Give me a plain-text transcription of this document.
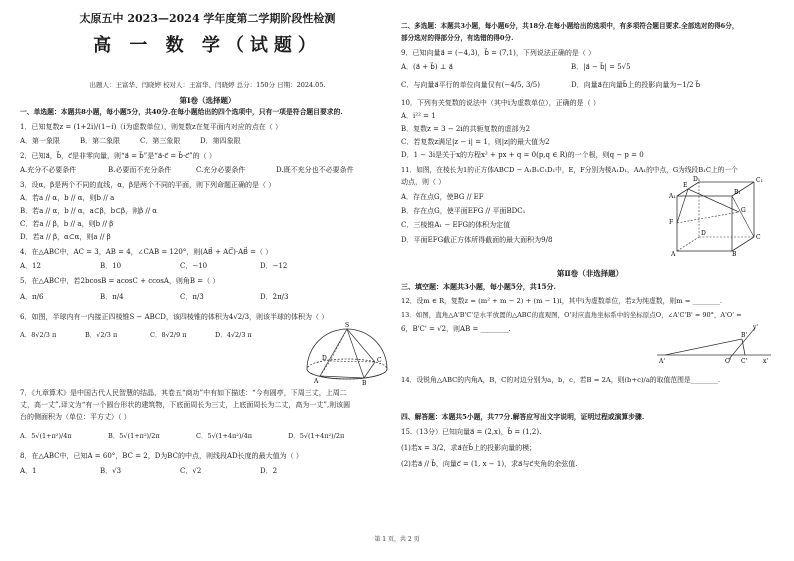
太原五中 2023—2024 学年度第二学期阶段性检测
高 一 数 学（试题）
出题人：王富华、闫晓婷 校对人：王富华、闫晓婷 总分：150分 日期：2024.05.
第Ⅰ卷（选择题）
一、单选题：本题共8小题，每小题5分，共40分.在每小题给出的四个选项中，只有一项是符合题目要求的.
1．已知复数z = (1+2i)/(1−i)（i为虚数单位），则复数z在复平面内对应的点在（ ）
A．第一象限	B．第二象限	C．第三象限	D．第四象限
2．已知a⃗，b⃗，c⃗是非零向量，则“a⃗ = b⃗”是“a⃗·c⃗ = b⃗·c⃗”的（ ）
A.充分不必要条件	B.必要而不充分条件	C.充分必要条件	D.既不充分也不必要条件
3．设α，β是两个不同的直线，α，β是两个不同的平面，则下列命题正确的是（ ）
A．若a // α，b // α，则b // a
B．若a // α，b // α，a⊂β，b⊂β，则β // α
C．若a // β，b // a，则b // β
D．若a // β，α⊂α，则a // β
4．在△ABC中，AC = 3，AB = 4，∠CAB = 120°，则(AB⃗ + AC⃗)·AB⃗ =（ ）
A．12	B．10	C．−10	D．−12
5．在△ABC中，若2bcosB = acosC + ccosA，则角B =（ ）
A．π/6	B．π/4	C．π/3	D．2π/3
6．如图，半球内有一内接正四棱锥S − ABCD，该四棱锥的体积为4√2/3，则该半球的体积为（ ）
A．8√2/3 π	B．√2/3 π	C．8√2/9 π	D．4√2/3 π
S
D	C
A	B
7．《九章算术》是中国古代人民智慧的结晶，其卷五“商功”中有如下描述：“今有圆亭，下周三丈，上周二
丈，高一丈”,译文为“有一个圆台形状的建筑物，下底面周长为三丈，上底面周长为二丈，高为一丈”,则该圆
台的侧面积为（单位：平方丈）（ ）
A．5√(1+π²)/4π	B．5√(1+π²)/2π	C．5√(1+4π²)/4π	D．5√(1+4π²)/2π
8．在△ABC中，已知A = 60°，BC = 2，D为BC的中点，则线段AD长度的最大值为（ ）
A．1	B．√3	C．√2	D．2
二、多选题：本题共3小题，每小题6分，共18分.在每小题给出的选项中，有多项符合题目要求.全部选对的得6分，
部分选对的得部分分，有选错的得0分.
9．已知向量a⃗ = (−4,3)，b⃗ = (7,1)，下列说法正确的是（ ）
A．(a⃗ + b⃗) ⊥ a⃗	B．|a⃗ − b⃗| = 5√5
C．与向量a⃗平行的单位向量仅有(−4/5, 3/5)	D．向量a⃗在向量b⃗上的投影向量为−1/2 b⃗
10．下列有关复数的说法中（其中i为虚数单位），正确的是（ ）
A．i²² = 1
B．复数z = 3 − 2i的共轭复数的虚部为2
C．若复数z满足|z − i| = 1，则|z|的最大值为2
D．1 − 3i是关于x的方程x² + px + q = 0(p,q ∈ R)的一个根，则q − p = 0
11．如图，在棱长为1的正方体ABCD − A₁B₁C₁D₁中，E，F分别为棱A₁D₁，AA₁的中点，G为线段B₁C上的一个
动点，则（ ）
A．存在点G，使BG // EF
B．存在点G，使平面EFG // 平面BDC₁
C．三棱锥A₁ − EFG的体积为定值
D．平面EFG截正方体所得截面的最大面积为9/8
D₁	C₁
A₁
B₁
E
F
G
D
C
A	B
第Ⅱ卷（非选择题）
三、填空题：本题共3小题，每小题5分，共15分.
12．设m ∈ R，复数z = (m² + m − 2) + (m − 1)i，其中i为虚数单位，若z为纯虚数，则m = ________.
13．如图，直角△A'B'C'是水平放置的△ABC的直观图，O'对应直角坐标系中的坐标原点O，∠A'C'B' = 90°，A'O' =
6，B'C' = √2，则AB = ________.	y'
B'
A'	O' C'	x'
14．设锐角△ABC的内角A，B，C的对边分别为a，b，c，若B = 2A，则(b+c)/a的取值范围是________.
四、解答题：本题共5小题，共77分.解答应写出文字说明，证明过程或演算步骤.
15.（13分）已知向量a⃗ = (2,x)，b⃗ = (1,2).
(1)若x = 3/2，求a⃗在b⃗上的投影向量的模；
(2)若a⃗ // b⃗，向量c⃗ = (1, x − 1)，求a⃗与c⃗夹角的余弦值.
第 1 页，共 2 页
